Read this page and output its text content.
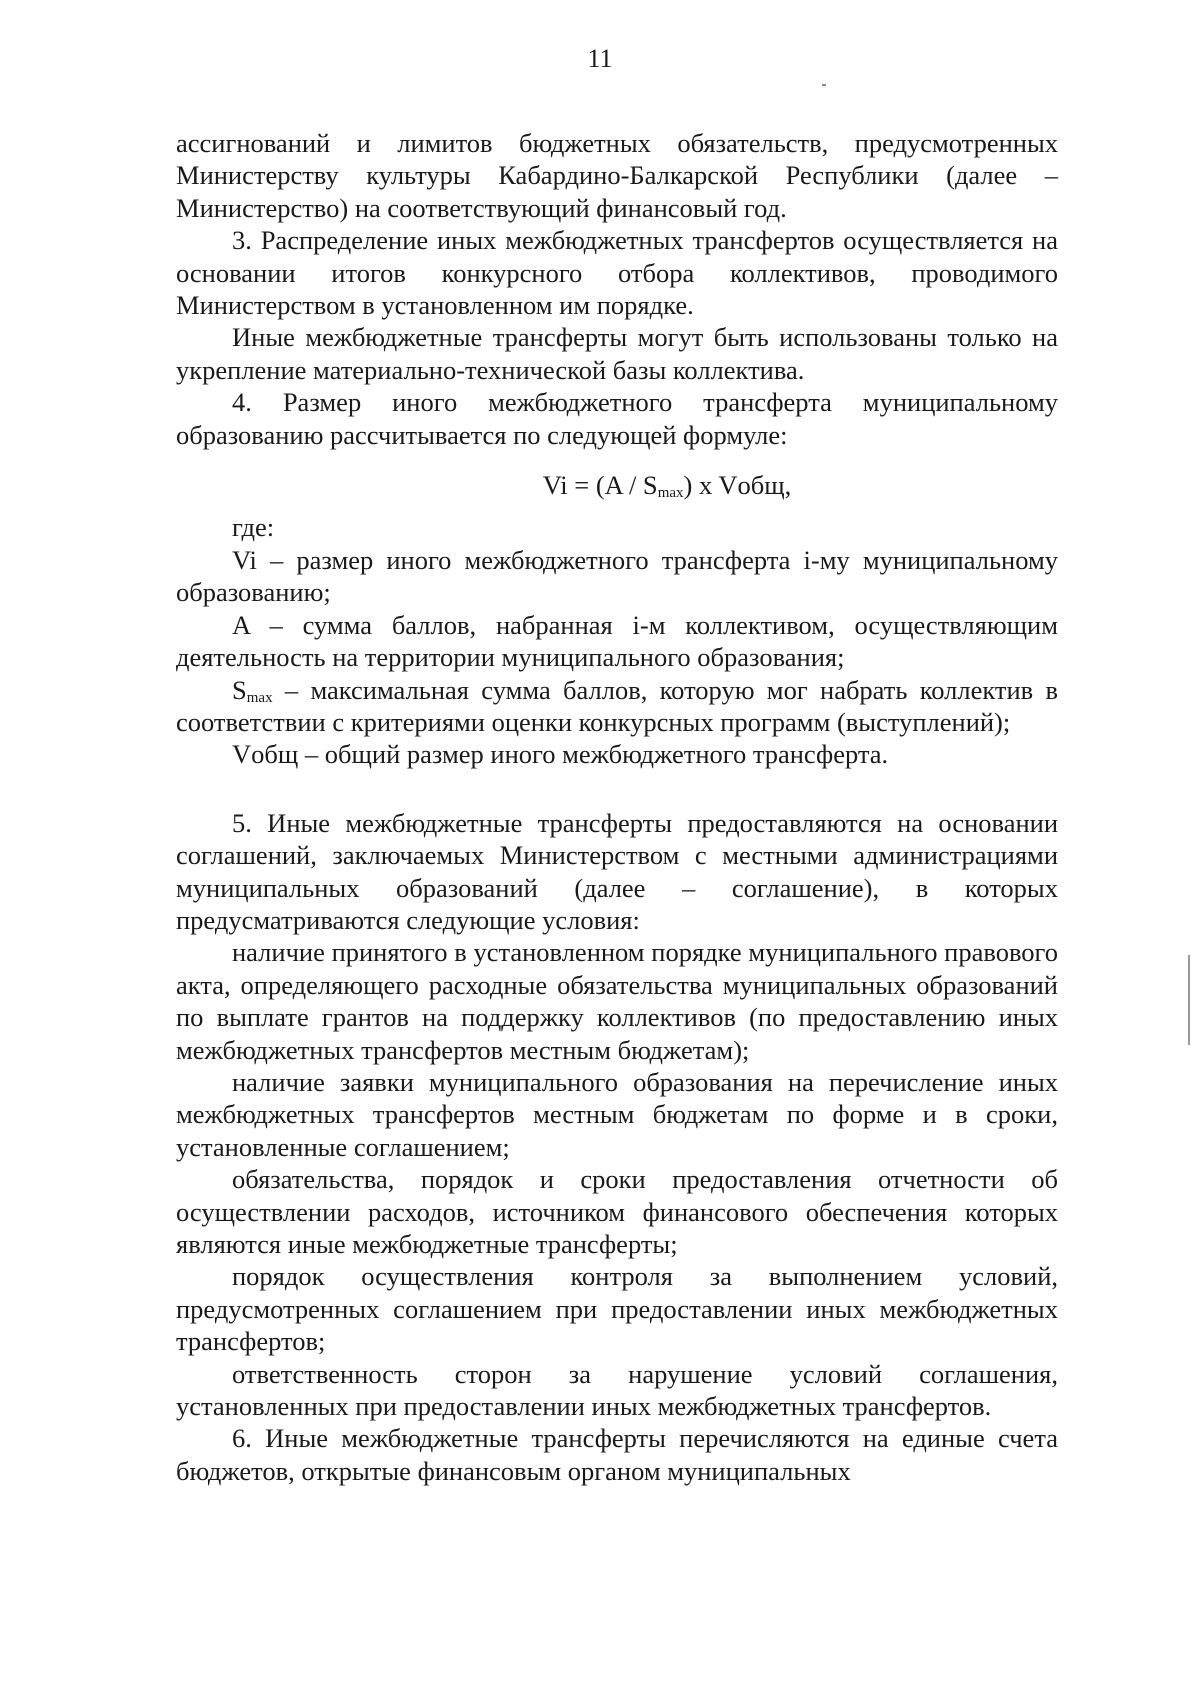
11

ассигнований и лимитов бюджетных обязательств, предусмотренных Министерству культуры Кабардино-Балкарской Республики (далее – Министерство) на соответствующий финансовый год.

3. Распределение иных межбюджетных трансфертов осуществляется на основании итогов конкурсного отбора коллективов, проводимого Министерством в установленном им порядке.

Иные межбюджетные трансферты могут быть использованы только на укрепление материально-технической базы коллектива.

4. Размер иного межбюджетного трансферта муниципальному образованию рассчитывается по следующей формуле:

$Vi = (A / S_{max})$ x Vобщ,

где:

Vi – размер иного межбюджетного трансферта i-му муниципальному образованию;

A – сумма баллов, набранная i-м коллективом, осуществляющим деятельность на территории муниципального образования;

$S_{max}$ – максимальная сумма баллов, которую мог набрать коллектив в соответствии с критериями оценки конкурсных программ (выступлений);

Vобщ – общий размер иного межбюджетного трансферта.

5. Иные межбюджетные трансферты предоставляются на основании соглашений, заключаемых Министерством с местными администрациями муниципальных образований (далее – соглашение), в которых предусматриваются следующие условия:

наличие принятого в установленном порядке муниципального правового акта, определяющего расходные обязательства муниципальных образований по выплате грантов на поддержку коллективов (по предоставлению иных межбюджетных трансфертов местным бюджетам);

наличие заявки муниципального образования на перечисление иных межбюджетных трансфертов местным бюджетам по форме и в сроки, установленные соглашением;

обязательства, порядок и сроки предоставления отчетности об осуществлении расходов, источником финансового обеспечения которых являются иные межбюджетные трансферты;

порядок осуществления контроля за выполнением условий, предусмотренных соглашением при предоставлении иных межбюджетных трансфертов;

ответственность сторон за нарушение условий соглашения, установленных при предоставлении иных межбюджетных трансфертов.

6. Иные межбюджетные трансферты перечисляются на единые счета бюджетов, открытые финансовым органом муниципальных
